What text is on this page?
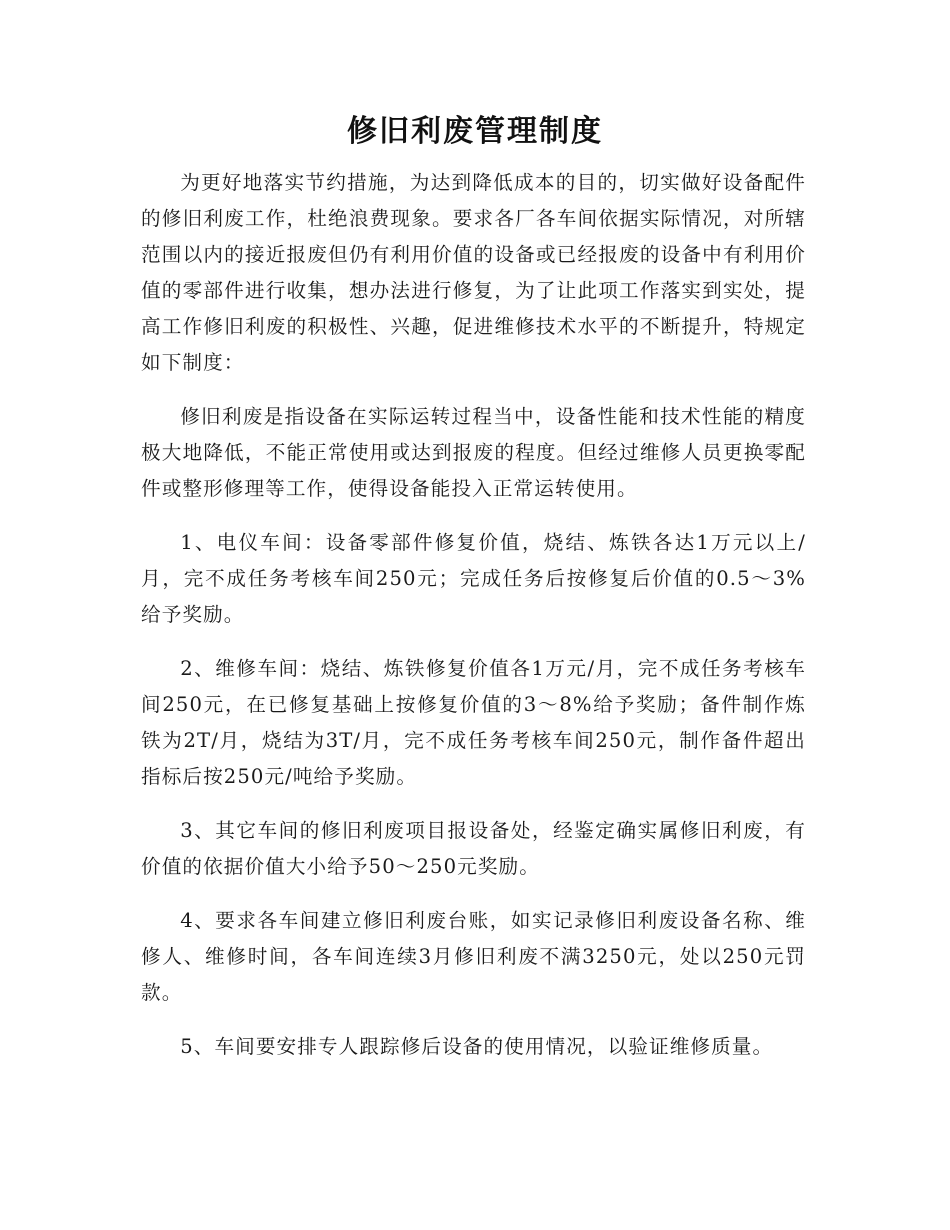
修旧利废管理制度

为更好地落实节约措施，为达到降低成本的目的，切实做好设备配件的修旧利废工作，杜绝浪费现象。要求各厂各车间依据实际情况，对所辖范围以内的接近报废但仍有利用价值的设备或已经报废的设备中有利用价值的零部件进行收集，想办法进行修复，为了让此项工作落实到实处，提高工作修旧利废的积极性、兴趣，促进维修技术水平的不断提升，特规定如下制度：

修旧利废是指设备在实际运转过程当中，设备性能和技术性能的精度极大地降低，不能正常使用或达到报废的程度。但经过维修人员更换零配件或整形修理等工作，使得设备能投入正常运转使用。

1、电仪车间：设备零部件修复价值，烧结、炼铁各达1万元以上/月，完不成任务考核车间250元；完成任务后按修复后价值的0.5～3%给予奖励。

2、维修车间：烧结、炼铁修复价值各1万元/月，完不成任务考核车间250元，在已修复基础上按修复价值的3～8%给予奖励；备件制作炼铁为2T/月，烧结为3T/月，完不成任务考核车间250元，制作备件超出指标后按250元/吨给予奖励。

3、其它车间的修旧利废项目报设备处，经鉴定确实属修旧利废，有价值的依据价值大小给予50～250元奖励。

4、要求各车间建立修旧利废台账，如实记录修旧利废设备名称、维修人、维修时间，各车间连续3月修旧利废不满3250元，处以250元罚款。

5、车间要安排专人跟踪修后设备的使用情况，以验证维修质量。
